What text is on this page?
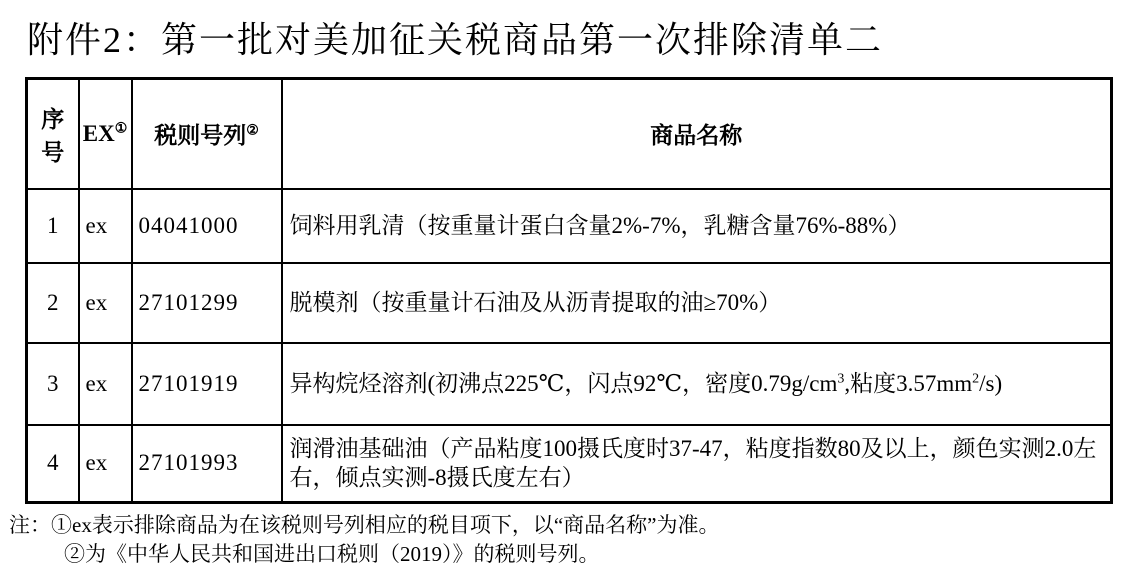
附件2：第一批对美加征关税商品第一次排除清单二
序号	EX①	税则号列②	商品名称
1	ex	04041000	饲料用乳清（按重量计蛋白含量2%-7%，乳糖含量76%-88%）
2	ex	27101299	脱模剂（按重量计石油及从沥青提取的油≥70%）
3	ex	27101919	异构烷烃溶剂(初沸点225℃，闪点92℃，密度$0.79g/cm^3$,粘度$3.57mm^2/s$)
4	ex	27101993	润滑油基础油（产品粘度100摄氏度时37-47，粘度指数80及以上，颜色实测2.0左右，倾点实测-8摄氏度左右）
注：①ex表示排除商品为在该税则号列相应的税目项下，以“商品名称”为准。
②为《中华人民共和国进出口税则（2019）》的税则号列。
